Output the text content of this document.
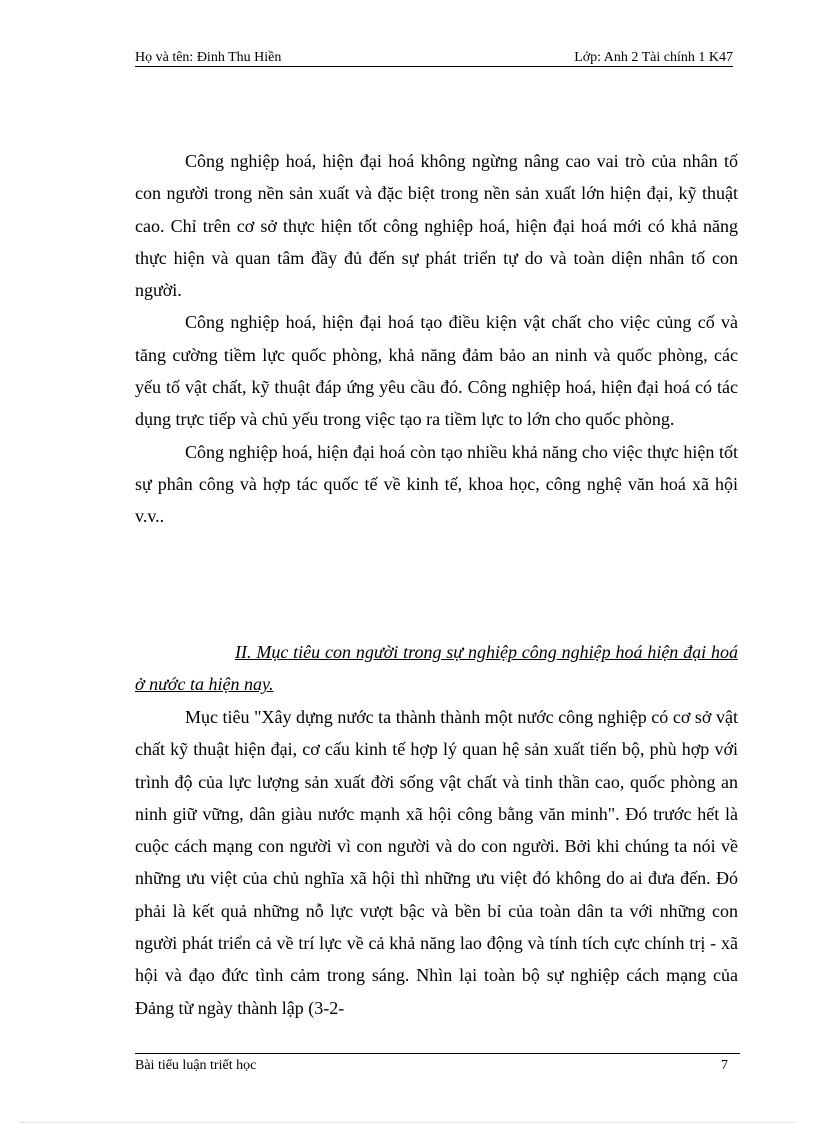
Họ và tên: Đinh Thu Hiền	Lớp: Anh 2 Tài chính 1 K47

Công nghiệp hoá, hiện đại hoá không ngừng nâng cao vai trò của nhân tố con người trong nền sản xuất và đặc biệt trong nền sản xuất lớn hiện đại, kỹ thuật cao. Chỉ trên cơ sở thực hiện tốt công nghiệp hoá, hiện đại hoá mới có khả năng thực hiện và quan tâm đầy đủ đến sự phát triển tự do và toàn diện nhân tố con người.

Công nghiệp hoá, hiện đại hoá tạo điều kiện vật chất cho việc củng cố và tăng cường tiềm lực quốc phòng, khả năng đảm bảo an ninh và quốc phòng, các yếu tố vật chất, kỹ thuật đáp ứng yêu cầu đó. Công nghiệp hoá, hiện đại hoá có tác dụng trực tiếp và chủ yếu trong việc tạo ra tiềm lực to lớn cho quốc phòng.

Công nghiệp hoá, hiện đại hoá còn tạo nhiều khả năng cho việc thực hiện tốt sự phân công và hợp tác quốc tế về kinh tế, khoa học, công nghệ văn hoá xã hội v.v..

II. Mục tiêu con người trong sự nghiệp công nghiệp hoá hiện đại hoá ở nước ta hiện nay.

Mục tiêu "Xây dựng nước ta thành thành một nước công nghiệp có cơ sở vật chất kỹ thuật hiện đại, cơ cấu kinh tế hợp lý quan hệ sản xuất tiến bộ, phù hợp với trình độ của lực lượng sản xuất đời sống vật chất và tinh thần cao, quốc phòng an ninh giữ vững, dân giàu nước mạnh xã hội công bằng văn minh". Đó trước hết là cuộc cách mạng con người vì con người và do con người. Bởi khi chúng ta nói về những ưu việt của chủ nghĩa xã hội thì những ưu việt đó không do ai đưa đến. Đó phải là kết quả những nỗ lực vượt bậc và bền bỉ của toàn dân ta với những con người phát triển cả về trí lực về cả khả năng lao động và tính tích cực chính trị - xã hội và đạo đức tình cảm trong sáng. Nhìn lại toàn bộ sự nghiệp cách mạng của Đảng từ ngày thành lập (3-2-

Bài tiểu luận triết học	7
